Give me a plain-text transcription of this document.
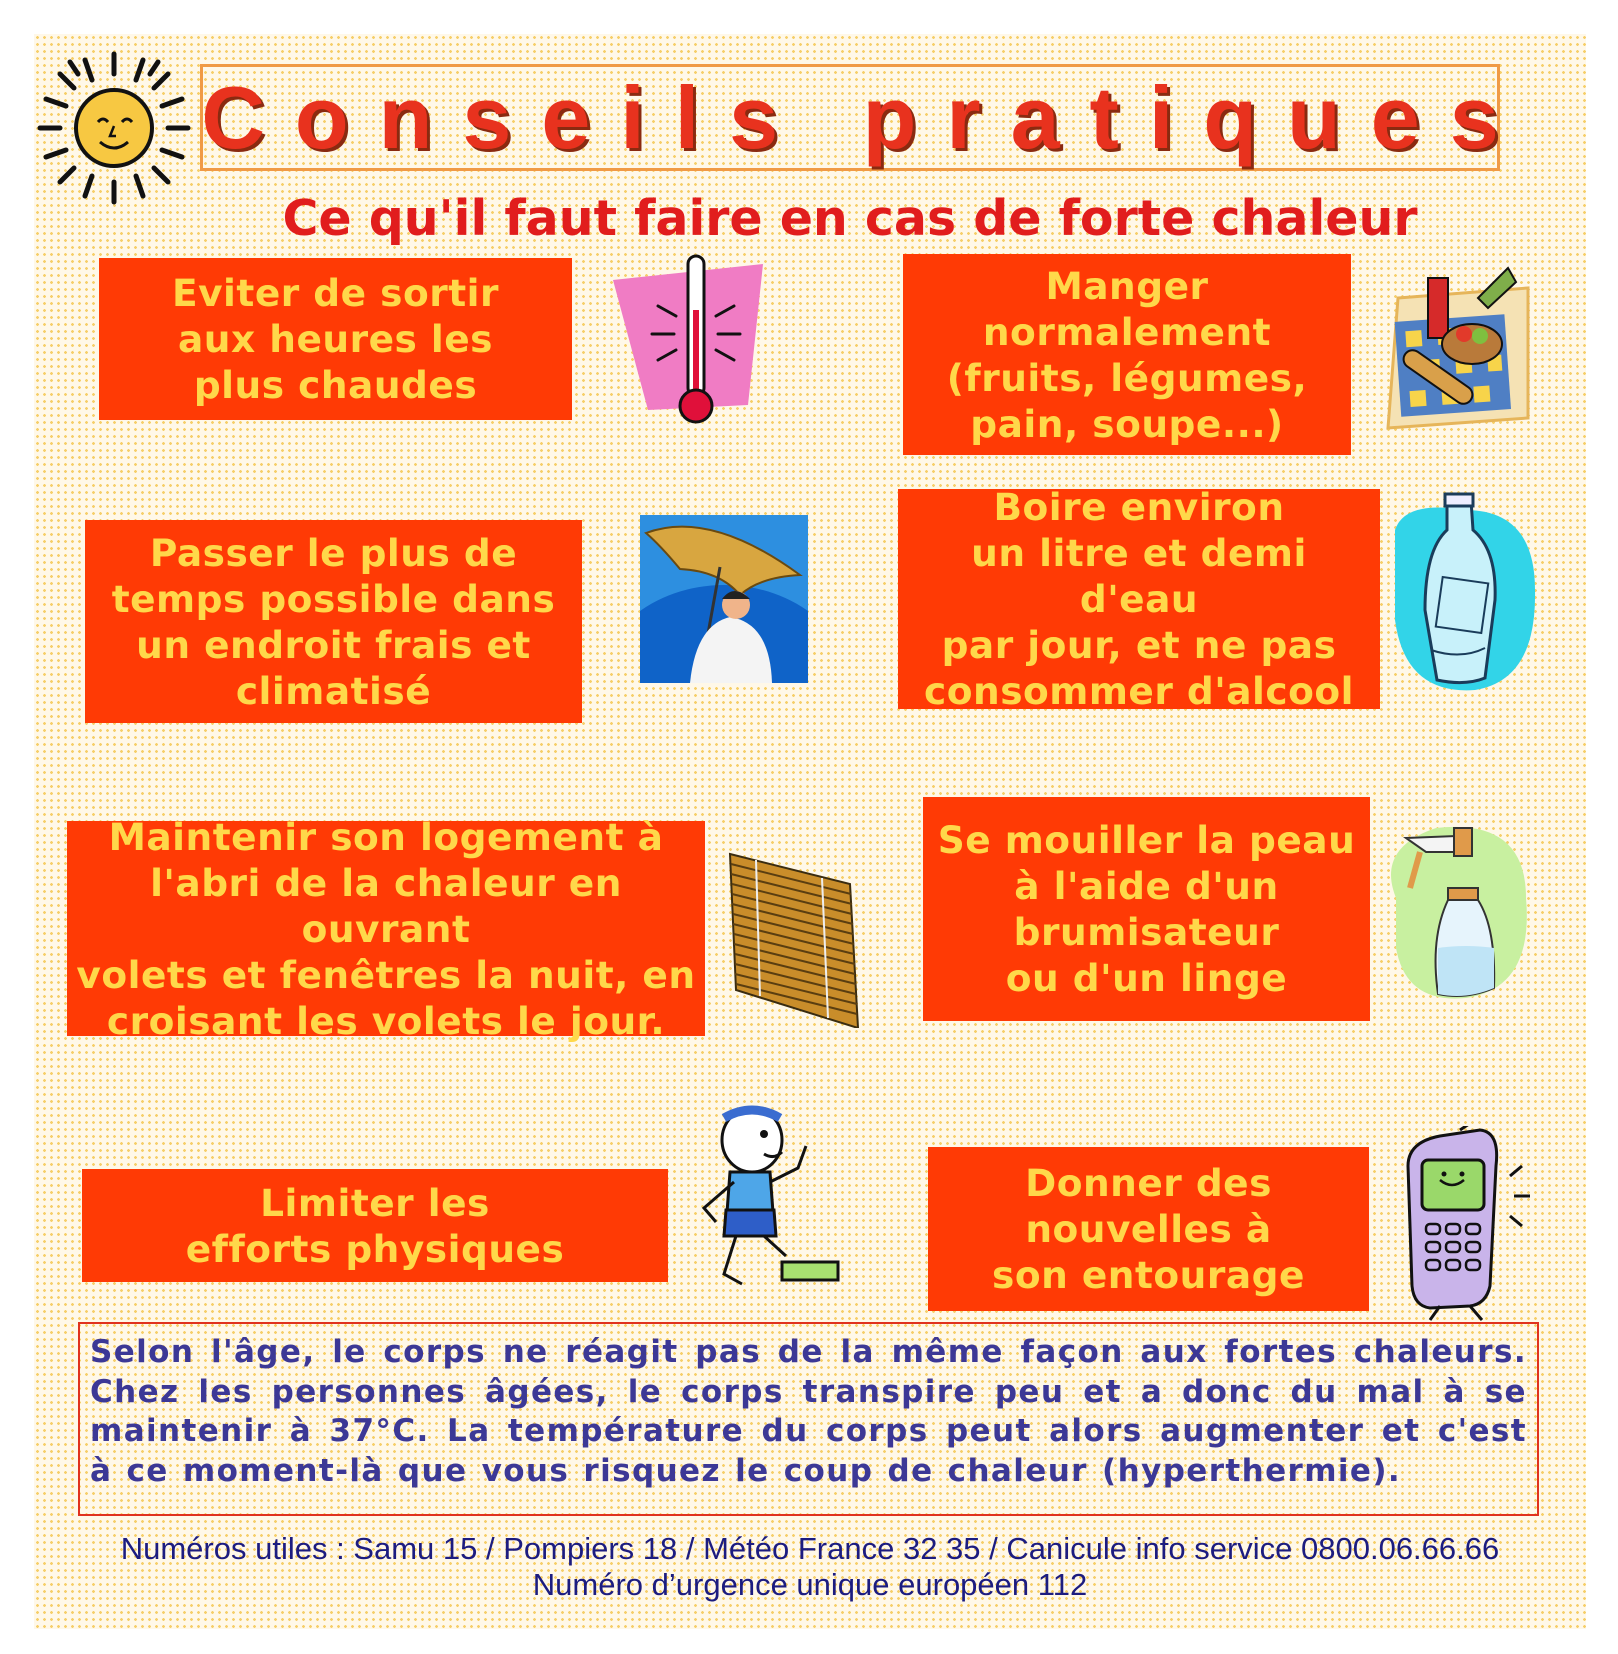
Conseils pratiques
Ce qu'il faut faire en cas de forte chaleur
Eviter de sortir
aux heures les
plus chaudes
Manger
normalement
(fruits, légumes,
pain, soupe...)
Passer le plus de
temps possible dans
un endroit frais et
climatisé
Boire environ
un litre et demi d'eau
par jour, et ne pas
consommer d'alcool
Maintenir son logement à
l'abri de la chaleur en ouvrant
volets et fenêtres la nuit, en
croisant les volets le jour.
Se mouiller la peau
à l'aide d'un
brumisateur
ou d'un linge
Limiter les
efforts physiques
Donner des
nouvelles à
son entourage
Selon l'âge, le corps ne réagit pas de la même façon aux fortes chaleurs. Chez les personnes âgées, le corps transpire peu et a donc du mal à se maintenir à 37°C. La température du corps peut alors augmenter et c'est à ce moment-là que vous risquez le coup de chaleur (hyperthermie).
Numéros utiles : Samu 15 / Pompiers 18 / Météo France 32 35 / Canicule info service 0800.06.66.66
Numéro d’urgence unique européen 112
